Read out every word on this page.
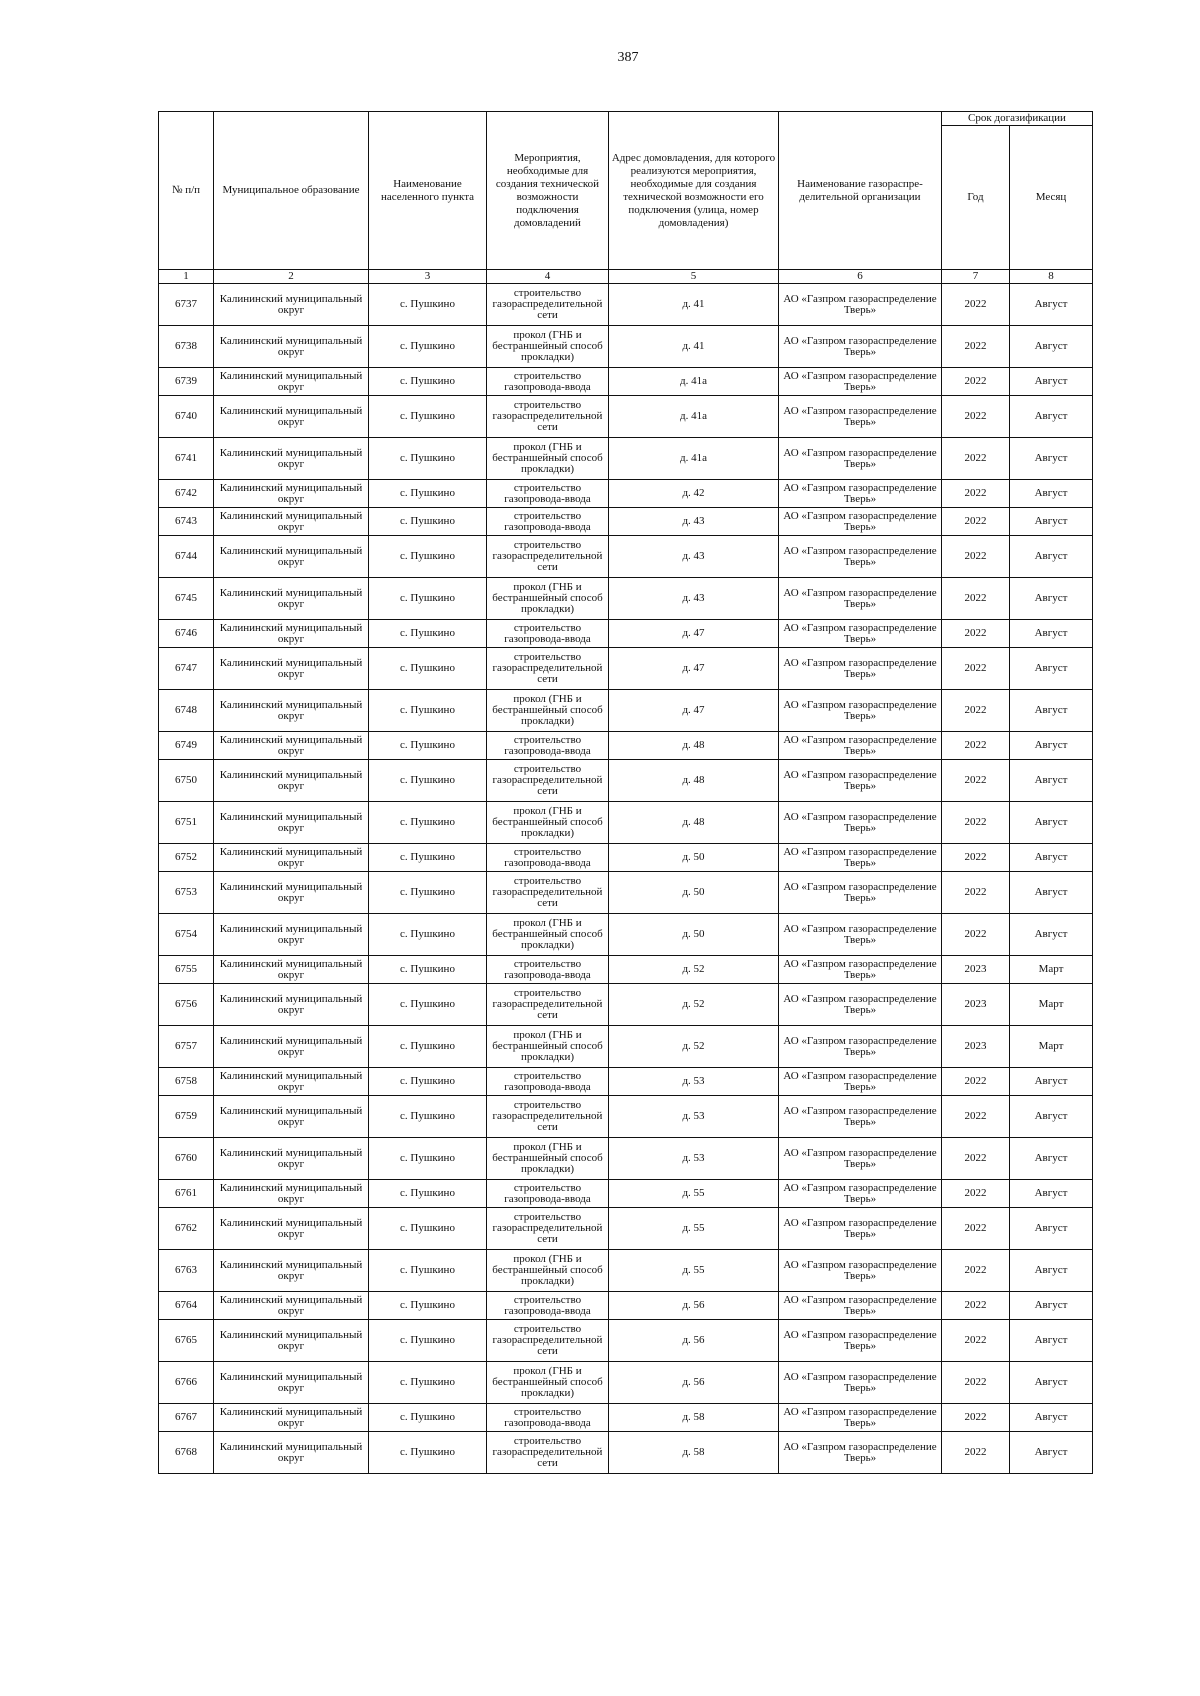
387
№ п/п	Муниципальное образование	Наименование населенного пункта	Мероприятия, необходимые для создания технической возможности подключения домовладений	Адрес домовладения, для которого реализуются мероприятия, необходимые для создания технической возможности его подключения (улица, номер домовладения)	Наименование газораспре-делительной организации	Срок догазификации	
						Год	Месяц
1	2	3	4	5	6	7	8
6737	Калининский муниципальный округ	с. Пушкино	строительство газораспределительной сети	д. 41	АО «Газпром газораспределение Тверь»	2022	Август
6738	Калининский муниципальный округ	с. Пушкино	прокол (ГНБ и бестраншейный способ прокладки)	д. 41	АО «Газпром газораспределение Тверь»	2022	Август
6739	Калининский муниципальный округ	с. Пушкино	строительство газопровода-ввода	д. 41а	АО «Газпром газораспределение Тверь»	2022	Август
6740	Калининский муниципальный округ	с. Пушкино	строительство газораспределительной сети	д. 41а	АО «Газпром газораспределение Тверь»	2022	Август
6741	Калининский муниципальный округ	с. Пушкино	прокол (ГНБ и бестраншейный способ прокладки)	д. 41а	АО «Газпром газораспределение Тверь»	2022	Август
6742	Калининский муниципальный округ	с. Пушкино	строительство газопровода-ввода	д. 42	АО «Газпром газораспределение Тверь»	2022	Август
6743	Калининский муниципальный округ	с. Пушкино	строительство газопровода-ввода	д. 43	АО «Газпром газораспределение Тверь»	2022	Август
6744	Калининский муниципальный округ	с. Пушкино	строительство газораспределительной сети	д. 43	АО «Газпром газораспределение Тверь»	2022	Август
6745	Калининский муниципальный округ	с. Пушкино	прокол (ГНБ и бестраншейный способ прокладки)	д. 43	АО «Газпром газораспределение Тверь»	2022	Август
6746	Калининский муниципальный округ	с. Пушкино	строительство газопровода-ввода	д. 47	АО «Газпром газораспределение Тверь»	2022	Август
6747	Калининский муниципальный округ	с. Пушкино	строительство газораспределительной сети	д. 47	АО «Газпром газораспределение Тверь»	2022	Август
6748	Калининский муниципальный округ	с. Пушкино	прокол (ГНБ и бестраншейный способ прокладки)	д. 47	АО «Газпром газораспределение Тверь»	2022	Август
6749	Калининский муниципальный округ	с. Пушкино	строительство газопровода-ввода	д. 48	АО «Газпром газораспределение Тверь»	2022	Август
6750	Калининский муниципальный округ	с. Пушкино	строительство газораспределительной сети	д. 48	АО «Газпром газораспределение Тверь»	2022	Август
6751	Калининский муниципальный округ	с. Пушкино	прокол (ГНБ и бестраншейный способ прокладки)	д. 48	АО «Газпром газораспределение Тверь»	2022	Август
6752	Калининский муниципальный округ	с. Пушкино	строительство газопровода-ввода	д. 50	АО «Газпром газораспределение Тверь»	2022	Август
6753	Калининский муниципальный округ	с. Пушкино	строительство газораспределительной сети	д. 50	АО «Газпром газораспределение Тверь»	2022	Август
6754	Калининский муниципальный округ	с. Пушкино	прокол (ГНБ и бестраншейный способ прокладки)	д. 50	АО «Газпром газораспределение Тверь»	2022	Август
6755	Калининский муниципальный округ	с. Пушкино	строительство газопровода-ввода	д. 52	АО «Газпром газораспределение Тверь»	2023	Март
6756	Калининский муниципальный округ	с. Пушкино	строительство газораспределительной сети	д. 52	АО «Газпром газораспределение Тверь»	2023	Март
6757	Калининский муниципальный округ	с. Пушкино	прокол (ГНБ и бестраншейный способ прокладки)	д. 52	АО «Газпром газораспределение Тверь»	2023	Март
6758	Калининский муниципальный округ	с. Пушкино	строительство газопровода-ввода	д. 53	АО «Газпром газораспределение Тверь»	2022	Август
6759	Калининский муниципальный округ	с. Пушкино	строительство газораспределительной сети	д. 53	АО «Газпром газораспределение Тверь»	2022	Август
6760	Калининский муниципальный округ	с. Пушкино	прокол (ГНБ и бестраншейный способ прокладки)	д. 53	АО «Газпром газораспределение Тверь»	2022	Август
6761	Калининский муниципальный округ	с. Пушкино	строительство газопровода-ввода	д. 55	АО «Газпром газораспределение Тверь»	2022	Август
6762	Калининский муниципальный округ	с. Пушкино	строительство газораспределительной сети	д. 55	АО «Газпром газораспределение Тверь»	2022	Август
6763	Калининский муниципальный округ	с. Пушкино	прокол (ГНБ и бестраншейный способ прокладки)	д. 55	АО «Газпром газораспределение Тверь»	2022	Август
6764	Калининский муниципальный округ	с. Пушкино	строительство газопровода-ввода	д. 56	АО «Газпром газораспределение Тверь»	2022	Август
6765	Калининский муниципальный округ	с. Пушкино	строительство газораспределительной сети	д. 56	АО «Газпром газораспределение Тверь»	2022	Август
6766	Калининский муниципальный округ	с. Пушкино	прокол (ГНБ и бестраншейный способ прокладки)	д. 56	АО «Газпром газораспределение Тверь»	2022	Август
6767	Калининский муниципальный округ	с. Пушкино	строительство газопровода-ввода	д. 58	АО «Газпром газораспределение Тверь»	2022	Август
6768	Калининский муниципальный округ	с. Пушкино	строительство газораспределительной сети	д. 58	АО «Газпром газораспределение Тверь»	2022	Август
